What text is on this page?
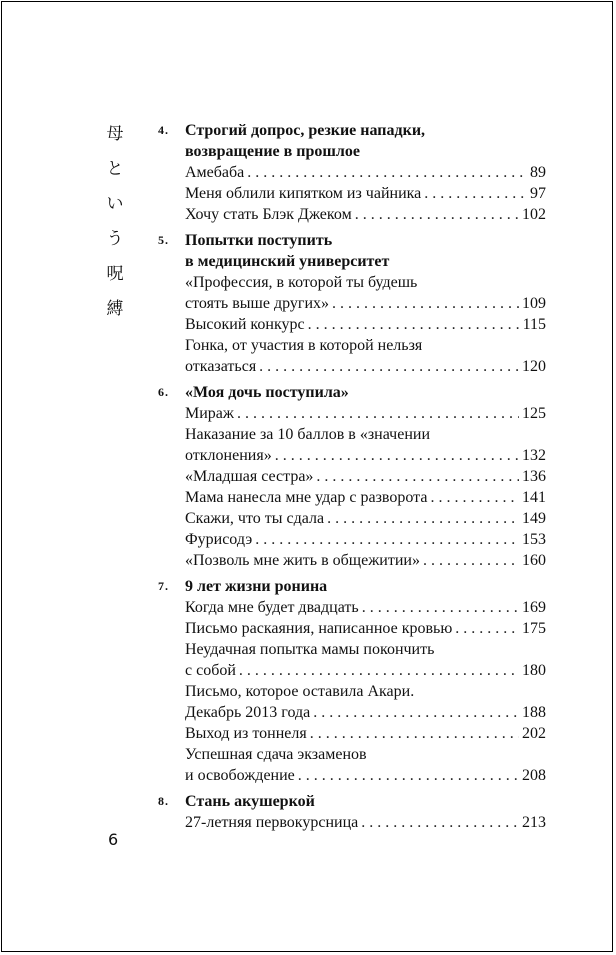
母
と
い
う
呪
縛
4.	Строгий допрос, резкие нападки,
возвращение в прошлое
Амебаба . . .	89
Меня облили кипятком из чайника . . .	97
Хочу стать Блэк Джеком . . .	102
5.	Попытки поступить
в медицинский университет
«Профессия, в которой ты будешь
стоять выше других» . . .	109
Высокий конкурс . . .	115
Гонка, от участия в которой нельзя
отказаться . . .	120
6.	«Моя дочь поступила»
Мираж . . .	125
Наказание за 10 баллов в «значении
отклонения» . . .	132
«Младшая сестра» . . .	136
Мама нанесла мне удар с разворота . . .	141
Скажи, что ты сдала . . .	149
Фурисодэ . . .	153
«Позволь мне жить в общежитии» . . .	160
7.	9 лет жизни ронина
Когда мне будет двадцать . . .	169
Письмо раскаяния, написанное кровью . . .	175
Неудачная попытка мамы покончить
с собой . . .	180
Письмо, которое оставила Акари.
Декабрь 2013 года . . .	188
Выход из тоннеля . . .	202
Успешная сдача экзаменов
и освобождение . . .	208
8.	Стань акушеркой
27-летняя первокурсница . . .	213
6
